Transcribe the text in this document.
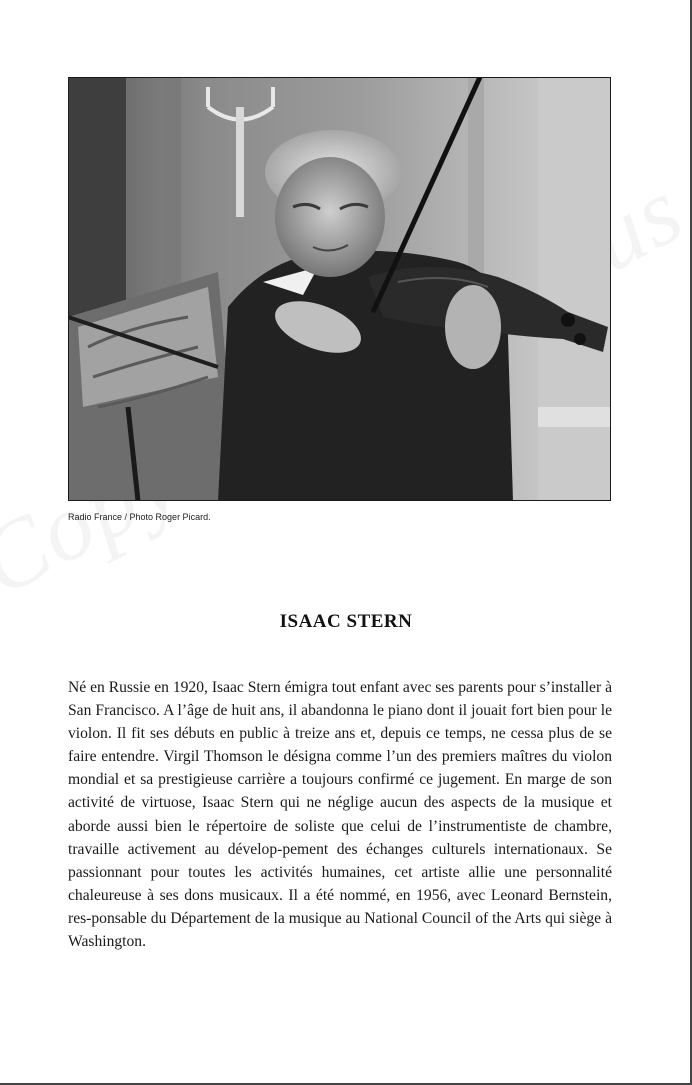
Radio France / Photo Roger Picard.
ISAAC STERN

Né en Russie en 1920, Isaac Stern émigra tout enfant avec ses parents pour s’installer à San Francisco. A l’âge de huit ans, il abandonna le piano dont il jouait fort bien pour le violon. Il fit ses débuts en public à treize ans et, depuis ce temps, ne cessa plus de se faire entendre. Virgil Thomson le désigna comme l’un des premiers maîtres du violon mondial et sa prestigieuse carrière a toujours confirmé ce jugement. En marge de son activité de virtuose, Isaac Stern qui ne néglige aucun des aspects de la musique et aborde aussi bien le répertoire de soliste que celui de l’instrumentiste de chambre, travaille activement au dévelop-pement des échanges culturels internationaux. Se passionnant pour toutes les activités humaines, cet artiste allie une personnalité chaleureuse à ses dons musicaux. Il a été nommé, en 1956, avec Leonard Bernstein, res-ponsable du Département de la musique au National Council of the Arts qui siège à Washington.
